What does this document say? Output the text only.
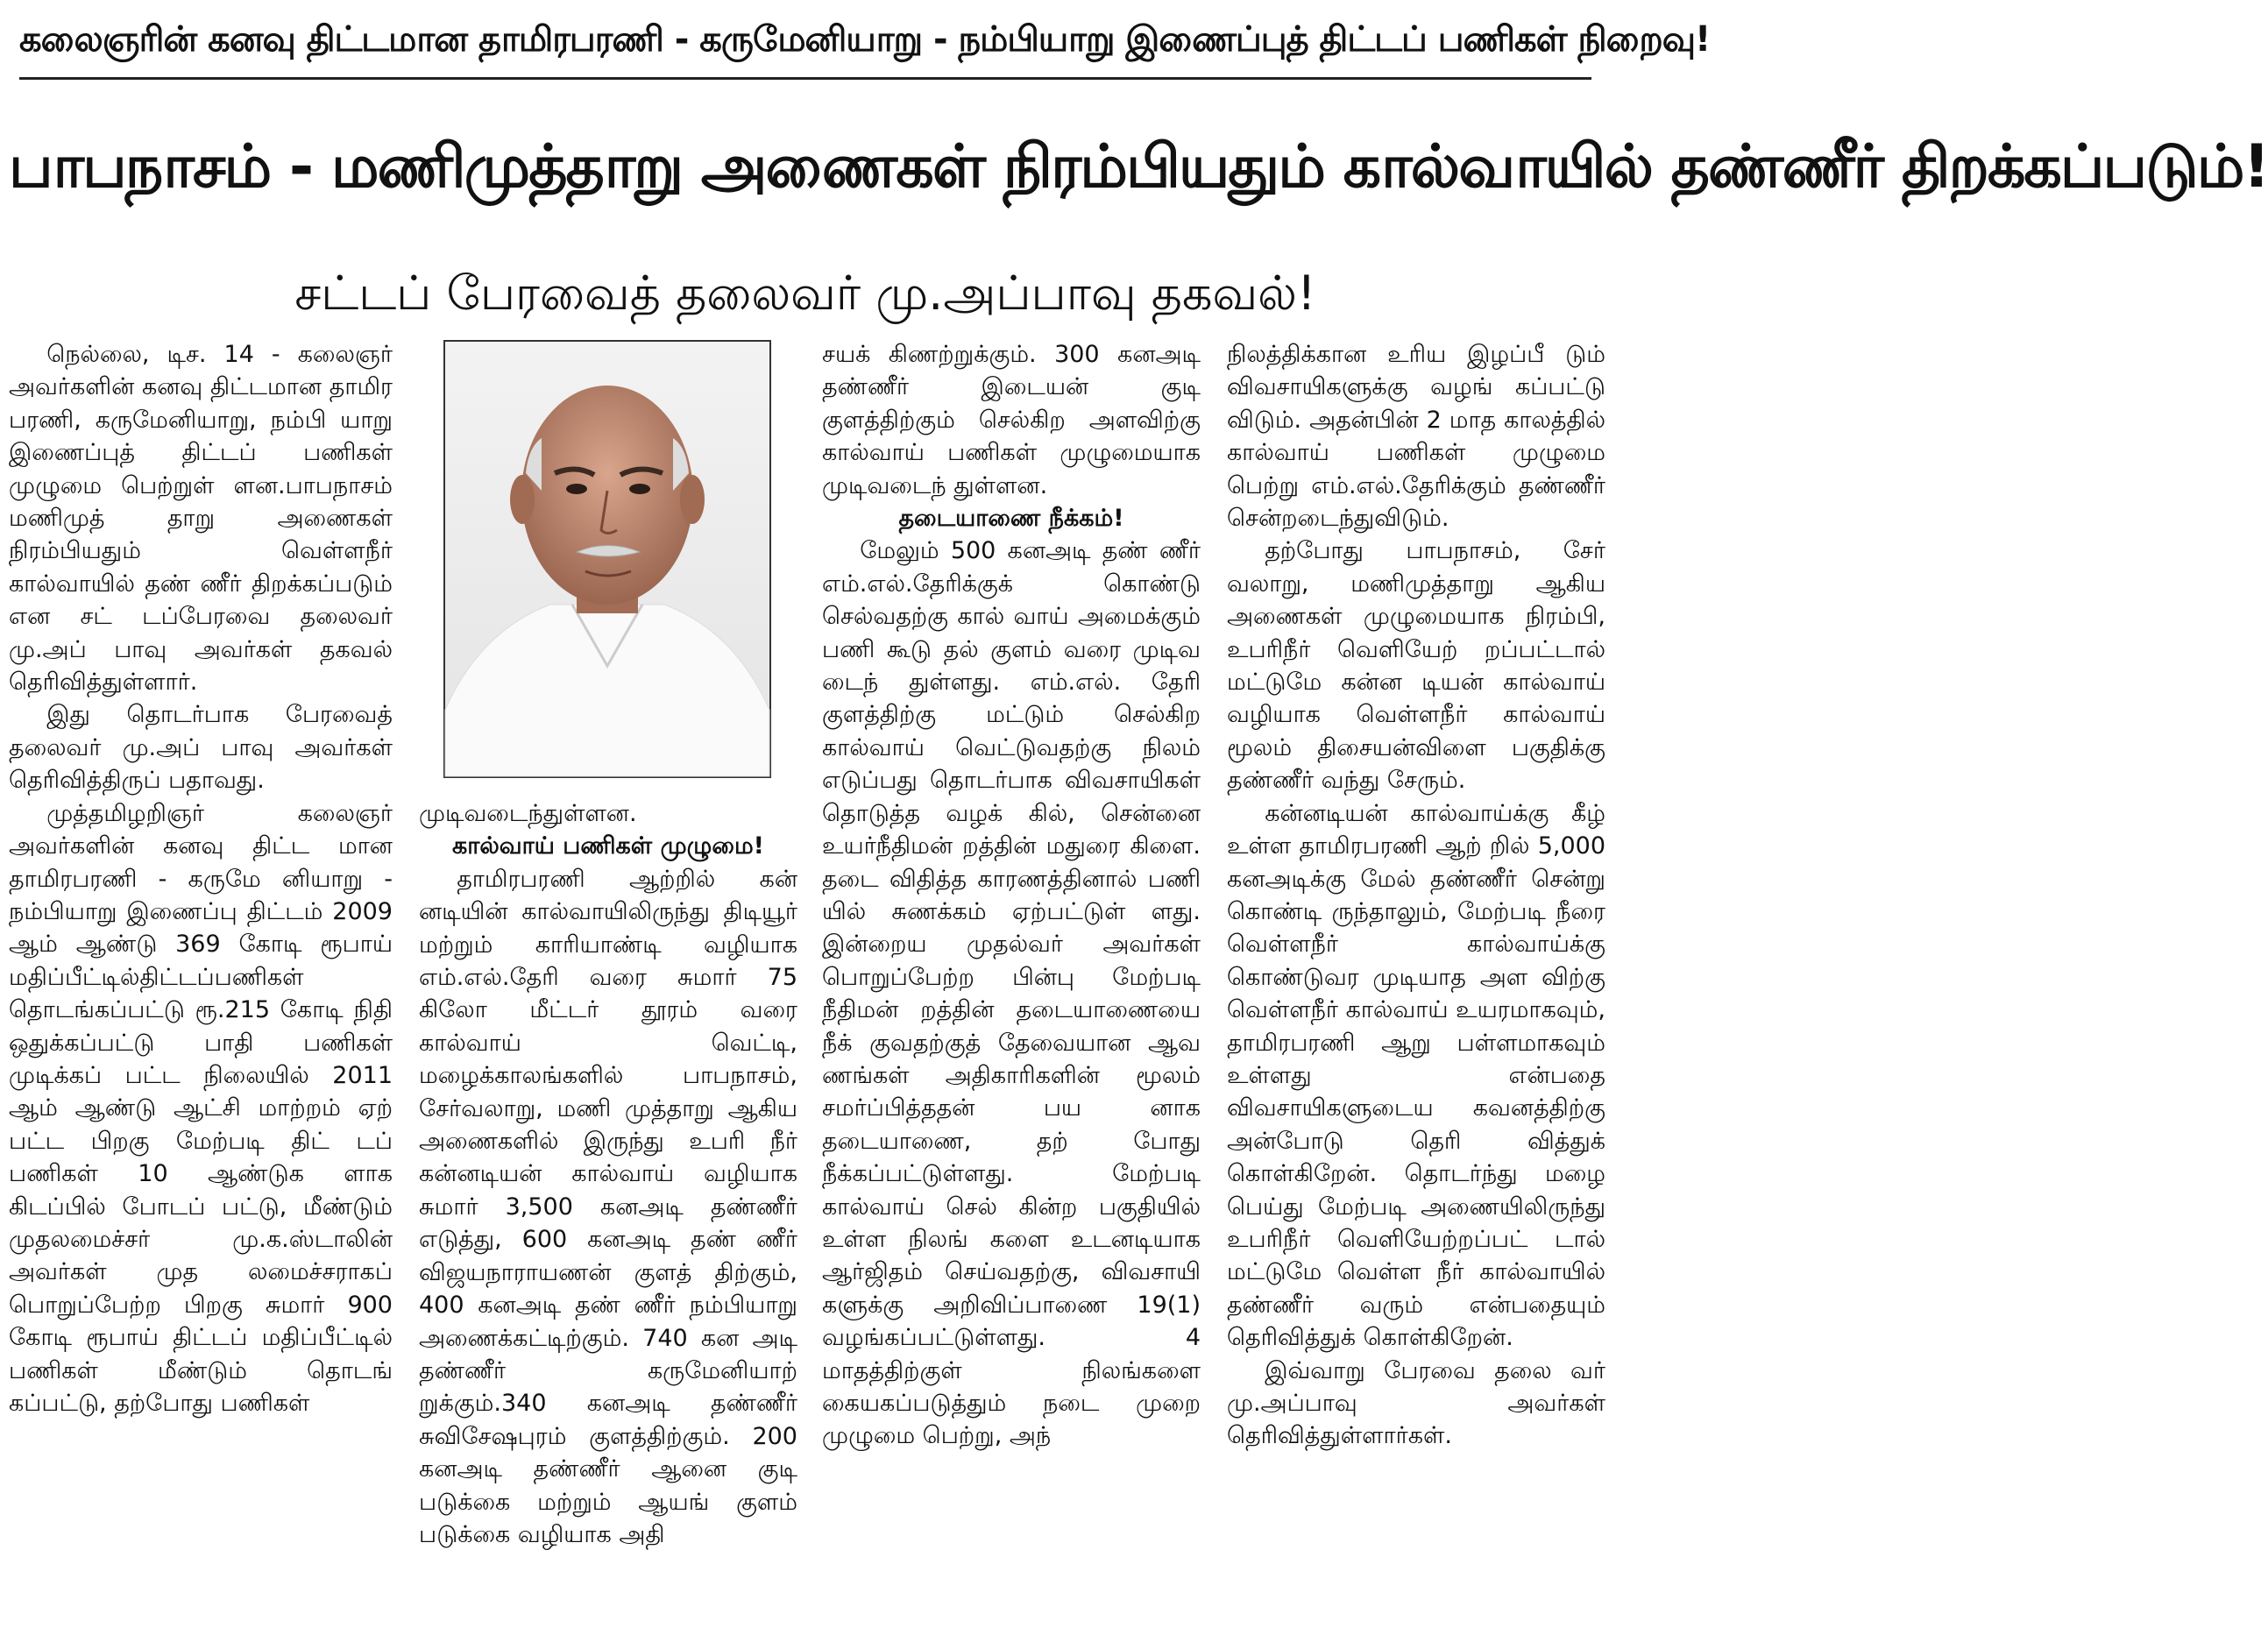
கலைஞரின் கனவு திட்டமான தாமிரபரணி - கருமேனியாறு - நம்பியாறு இணைப்புத் திட்டப் பணிகள் நிறைவு!
பாபநாசம் - மணிமுத்தாறு அணைகள் நிரம்பியதும் கால்வாயில் தண்ணீர் திறக்கப்படும்!
சட்டப் பேரவைத் தலைவர் மு.அப்பாவு தகவல்!

நெல்லை, டிச. 14 - கலைஞர் அவர்களின் கனவு திட்டமான தாமிர பரணி, கருமேனியாறு, நம்பி யாறு இணைப்புத் திட்டப் பணிகள் முழுமை பெற்றுள் ளன.பாபநாசம் மணிமுத் தாறு அணைகள் நிரம்பியதும் வெள்ளநீர் கால்வாயில் தண் ணீர் திறக்கப்படும் என சட் டப்பேரவை தலைவர் மு.அப் பாவு அவர்கள் தகவல் தெரிவித்துள்ளார்.

இது தொடர்பாக பேரவைத் தலைவர் மு.அப் பாவு அவர்கள் தெரிவித்திருப் பதாவது.

முத்தமிழறிஞர் கலைஞர் அவர்களின் கனவு திட்ட மான தாமிரபரணி - கருமே னியாறு - நம்பியாறு இணைப்பு திட்டம் 2009 ஆம் ஆண்டு 369 கோடி ரூபாய் மதிப்பீட்டில்திட்டப்பணிகள் தொடங்கப்பட்டு ரூ.215 கோடி நிதி ஒதுக்கப்பட்டு பாதி பணிகள் முடிக்கப் பட்ட நிலையில் 2011 ஆம் ஆண்டு ஆட்சி மாற்றம் ஏற் பட்ட பிறகு மேற்படி திட் டப் பணிகள் 10 ஆண்டுக ளாக கிடப்பில் போடப் பட்டு, மீண்டும் முதலமைச்சர் மு.க.ஸ்டாலின் அவர்கள் முத லமைச்சராகப் பொறுப்பேற்ற பிறகு சுமார் 900 கோடி ரூபாய் திட்டப் மதிப்பீட்டில் பணிகள் மீண்டும் தொடங் கப்பட்டு, தற்போது பணிகள்

முடிவடைந்துள்ளன.

கால்வாய் பணிகள் முழுமை!

தாமிரபரணி ஆற்றில் கன் னடியின் கால்வாயிலிருந்து திடியூர் மற்றும் காரியாண்டி வழியாக எம்.எல்.தேரி வரை சுமார் 75 கிலோ மீட்டர் தூரம் வரை கால்வாய் வெட்டி, மழைக்காலங்களில் பாபநாசம், சேர்வலாறு, மணி முத்தாறு ஆகிய அணைகளில் இருந்து உபரி நீர் கன்னடியன் கால்வாய் வழியாக சுமார் 3,500 கனஅடி தண்ணீர் எடுத்து, 600 கனஅடி தண் ணீர் விஜயநாராயணன் குளத் திற்கும், 400 கனஅடி தண் ணீர் நம்பியாறு அணைக்கட்டிற்கும். 740 கன அடி தண்ணீர் கருமேனியாற் றுக்கும்.340 கனஅடி தண்ணீர் சுவிசேஷபுரம் குளத்திற்கும். 200 கனஅடி தண்ணீர் ஆனை குடி படுக்கை மற்றும் ஆயங் குளம் படுக்கை வழியாக அதி

சயக் கிணற்றுக்கும். 300 கனஅடி தண்ணீர் இடையன் குடி குளத்திற்கும் செல்கிற அளவிற்கு கால்வாய் பணிகள் முழுமையாக முடிவடைந் துள்ளன.

தடையாணை நீக்கம்!

மேலும் 500 கனஅடி தண் ணீர் எம்.எல்.தேரிக்குக் கொண்டு செல்வதற்கு கால் வாய் அமைக்கும் பணி கூடு தல் குளம் வரை முடிவ டைந் துள்ளது. எம்.எல். தேரி குளத்திற்கு மட்டும் செல்கிற கால்வாய் வெட்டுவதற்கு நிலம் எடுப்பது தொடர்பாக விவசாயிகள் தொடுத்த வழக் கில், சென்னை உயர்நீதிமன் றத்தின் மதுரை கிளை. தடை விதித்த காரணத்தினால் பணி யில் சுணக்கம் ஏற்பட்டுள் ளது. இன்றைய முதல்வர் அவர்கள் பொறுப்பேற்ற பின்பு மேற்படி நீதிமன் றத்தின் தடையாணையை நீக் குவதற்குத் தேவையான ஆவ ணங்கள் அதிகாரிகளின் மூலம் சமர்ப்பித்ததன் பய னாக தடையாணை, தற் போது நீக்கப்பட்டுள்ளது. மேற்படி கால்வாய் செல் கின்ற பகுதியில் உள்ள நிலங் களை உடனடியாக ஆர்ஜிதம் செய்வதற்கு, விவசாயி களுக்கு அறிவிப்பாணை 19(1) வழங்கப்பட்டுள்ளது. 4 மாதத்திற்குள் நிலங்களை கையகப்படுத்தும் நடை முறை முழுமை பெற்று, அந்

நிலத்திக்கான உரிய இழப்பீ டும் விவசாயிகளுக்கு வழங் கப்பட்டு விடும். அதன்பின் 2 மாத காலத்தில் கால்வாய் பணிகள் முழுமை பெற்று எம்.எல்.தேரிக்கும் தண்ணீர் சென்றடைந்துவிடும்.

தற்போது பாபநாசம், சேர் வலாறு, மணிமுத்தாறு ஆகிய அணைகள் முழுமையாக நிரம்பி, உபரிநீர் வெளியேற் றப்பட்டால் மட்டுமே கன்ன டியன் கால்வாய் வழியாக வெள்ளநீர் கால்வாய் மூலம் திசையன்விளை பகுதிக்கு தண்ணீர் வந்து சேரும்.

கன்னடியன் கால்வாய்க்கு கீழ் உள்ள தாமிரபரணி ஆற் றில் 5,000 கனஅடிக்கு மேல் தண்ணீர் சென்று கொண்டி ருந்தாலும், மேற்படி நீரை வெள்ளநீர் கால்வாய்க்கு கொண்டுவர முடியாத அள விற்கு வெள்ளநீர் கால்வாய் உயரமாகவும், தாமிரபரணி ஆறு பள்ளமாகவும் உள்ளது என்பதை விவசாயிகளுடைய கவனத்திற்கு அன்போடு தெரி வித்துக் கொள்கிறேன். தொடர்ந்து மழை பெய்து மேற்படி அணையிலிருந்து உபரிநீர் வெளியேற்றப்பட் டால் மட்டுமே வெள்ள நீர் கால்வாயில் தண்ணீர் வரும் என்பதையும் தெரிவித்துக் கொள்கிறேன்.

இவ்வாறு பேரவை தலை வர் மு.அப்பாவு அவர்கள் தெரிவித்துள்ளார்கள்.
